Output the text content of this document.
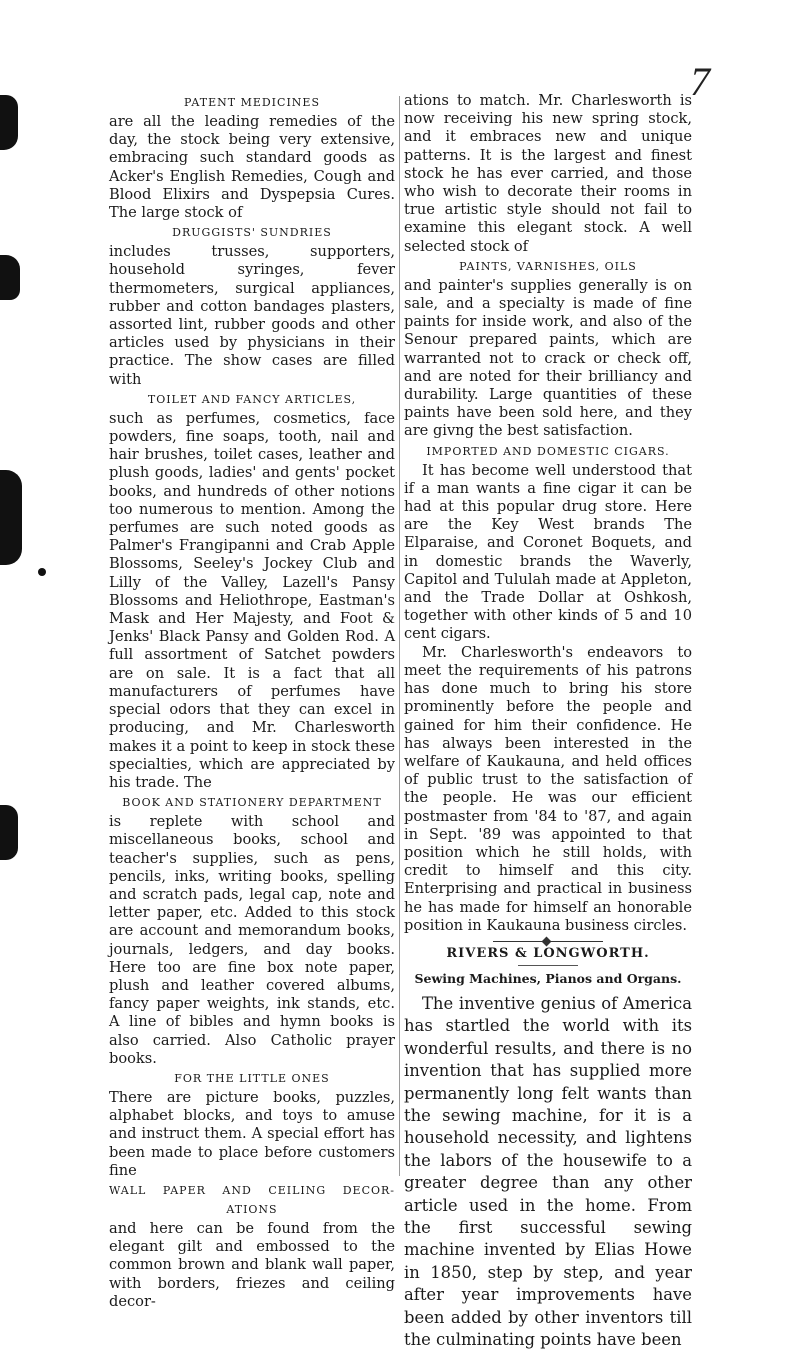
7
PATENT MEDICINES

are all the leading remedies of the day, the stock being very extensive, embracing such standard goods as Acker's English Remedies, Cough and Blood Elixirs and Dyspepsia Cures. The large stock of

DRUGGISTS' SUNDRIES

includes trusses, supporters, household syringes, fever thermometers, surgical appliances, rubber and cotton bandages plasters, assorted lint, rubber goods and other articles used by physicians in their practice. The show cases are filled with

TOILET AND FANCY ARTICLES,

such as perfumes, cosmetics, face powders, fine soaps, tooth, nail and hair brushes, toilet cases, leather and plush goods, ladies' and gents' pocket books, and hundreds of other notions too numerous to mention. Among the perfumes are such noted goods as Palmer's Frangipanni and Crab Apple Blossoms, Seeley's Jockey Club and Lilly of the Valley, Lazell's Pansy Blossoms and Heliothrope, Eastman's Mask and Her Majesty, and Foot & Jenks' Black Pansy and Golden Rod. A full assortment of Satchet powders are on sale. It is a fact that all manufacturers of perfumes have special odors that they can excel in producing, and Mr. Charlesworth makes it a point to keep in stock these specialties, which are appreciated by his trade. The

BOOK AND STATIONERY DEPARTMENT

is replete with school and miscellaneous books, school and teacher's supplies, such as pens, pencils, inks, writing books, spelling and scratch pads, legal cap, note and letter paper, etc. Added to this stock are account and memorandum books, journals, ledgers, and day books. Here too are fine box note paper, plush and leather covered albums, fancy paper weights, ink stands, etc. A line of bibles and hymn books is also carried. Also Catholic prayer books.

FOR THE LITTLE ONES

There are picture books, puzzles, alphabet blocks, and toys to amuse and instruct them. A special effort has been made to place before customers fine

WALL PAPER AND CEILING DECOR-
ATIONS

and here can be found from the elegant gilt and embossed to the common brown and blank wall paper, with borders, friezes and ceiling decor-

ations to match. Mr. Charlesworth is now receiving his new spring stock, and it embraces new and unique patterns. It is the largest and finest stock he has ever carried, and those who wish to decorate their rooms in true artistic style should not fail to examine this elegant stock. A well selected stock of

PAINTS, VARNISHES, OILS

and painter's supplies generally is on sale, and a specialty is made of fine paints for inside work, and also of the Senour prepared paints, which are warranted not to crack or check off, and are noted for their brilliancy and durability. Large quantities of these paints have been sold here, and they are givng the best satisfaction.

IMPORTED AND DOMESTIC CIGARS.

It has become well understood that if a man wants a fine cigar it can be had at this popular drug store. Here are the Key West brands The Elparaise, and Coronet Boquets, and in domestic brands the Waverly, Capitol and Tululah made at Appleton, and the Trade Dollar at Oshkosh, together with other kinds of 5 and 10 cent cigars.

Mr. Charlesworth's endeavors to meet the requirements of his patrons has done much to bring his store prominently before the people and gained for him their confidence. He has always been interested in the welfare of Kaukauna, and held offices of public trust to the satisfaction of the people. He was our efficient postmaster from '84 to '87, and again in Sept. '89 was appointed to that position which he still holds, with credit to himself and this city. Enterprising and practical in business he has made for himself an honorable position in Kaukauna business circles.

RIVERS & LONGWORTH.
Sewing Machines, Pianos and Organs.

The inventive genius of America has startled the world with its wonderful results, and there is no invention that has supplied more permanently long felt wants than the sewing machine, for it is a household necessity, and lightens the labors of the housewife to a greater degree than any other article used in the home. From the first successful sewing machine invented by Elias Howe in 1850, step by step, and year after year improvements have been added by other inventors till the culminating points have been
